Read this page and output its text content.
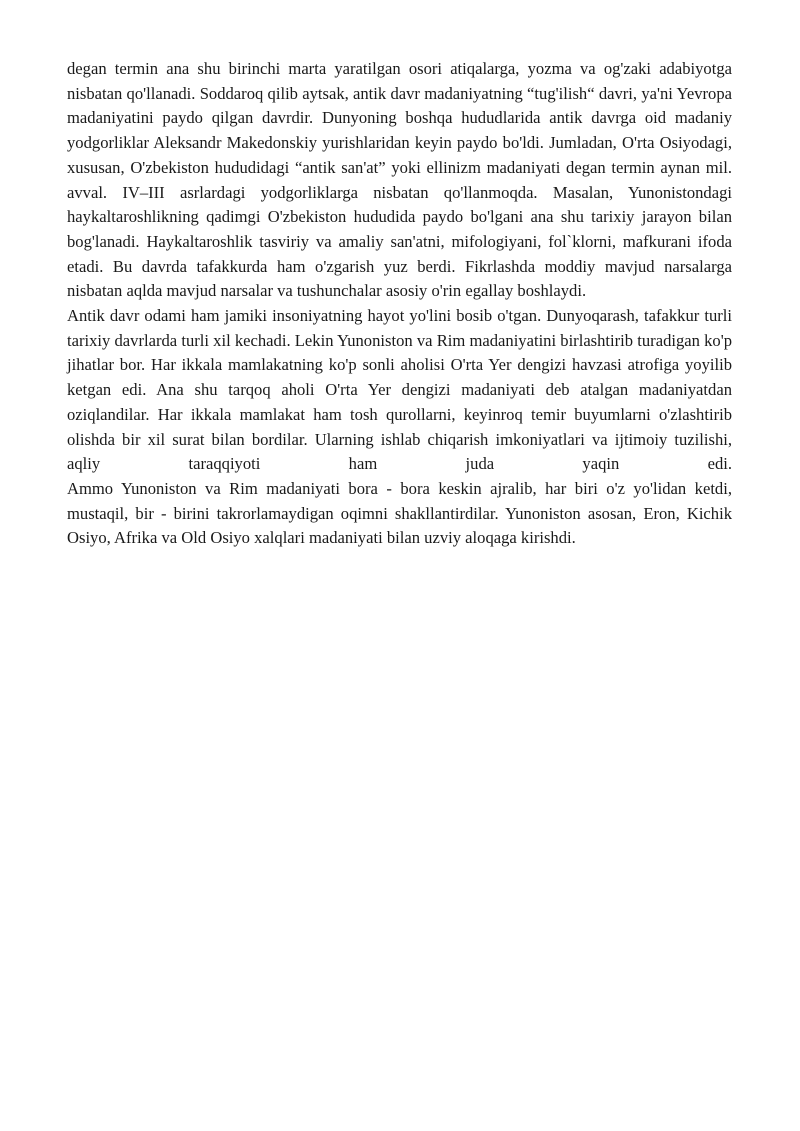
degan termin ana shu birinchi marta yaratilgan osori atiqalarga, yozma va og'zaki adabiyotga nisbatan qo'llanadi. Soddaroq qilib aytsak, antik davr madaniyatning “tug'ilish“ davri, ya'ni Yevropa madaniyatini paydo qilgan davrdir. Dunyoning boshqa hududlarida antik davrga oid madaniy yodgorliklar Aleksandr Makedonskiy yurishlaridan keyin paydo bo'ldi. Jumladan, O'rta Osiyodagi, xususan, O'zbekiston hududidagi “antik san'at” yoki ellinizm madaniyati degan termin aynan mil. avval. IV–III asrlardagi yodgorliklarga nisbatan qo'llanmoqda. Masalan, Yunonistondagi haykaltaroshlikning qadimgi O'zbekiston hududida paydo bo'lgani ana shu tarixiy jarayon bilan bog'lanadi. Haykaltaroshlik tasviriy va amaliy san'atni, mifologiyani, fol`klorni, mafkurani ifoda etadi. Bu davrda tafakkurda ham o'zgarish yuz berdi. Fikrlashda moddiy mavjud narsalarga nisbatan aqlda mavjud narsalar va tushunchalar asosiy o'rin egallay boshlaydi.

Antik davr odami ham jamiki insoniyatning hayot yo'lini bosib o'tgan. Dunyoqarash, tafakkur turli tarixiy davrlarda turli xil kechadi. Lekin Yunoniston va Rim madaniyatini birlashtirib turadigan ko'p jihatlar bor. Har ikkala mamlakatning ko'p sonli aholisi O'rta Yer dengizi havzasi atrofiga yoyilib ketgan edi. Ana shu tarqoq aholi O'rta Yer dengizi madaniyati deb atalgan madaniyatdan oziqlandilar. Har ikkala mamlakat ham tosh qurollarni, keyinroq temir buyumlarni o'zlashtirib olishda bir xil surat bilan bordilar. Ularning ishlab chiqarish imkoniyatlari va ijtimoiy tuzilishi, aqliy taraqqiyoti ham juda yaqin edi.

Ammo Yunoniston va Rim madaniyati bora - bora keskin ajralib, har biri o'z yo'lidan ketdi, mustaqil, bir - birini takrorlamaydigan oqimni shakllantirdilar. Yunoniston asosan, Eron, Kichik Osiyo, Afrika va Old Osiyo xalqlari madaniyati bilan uzviy aloqaga kirishdi.
